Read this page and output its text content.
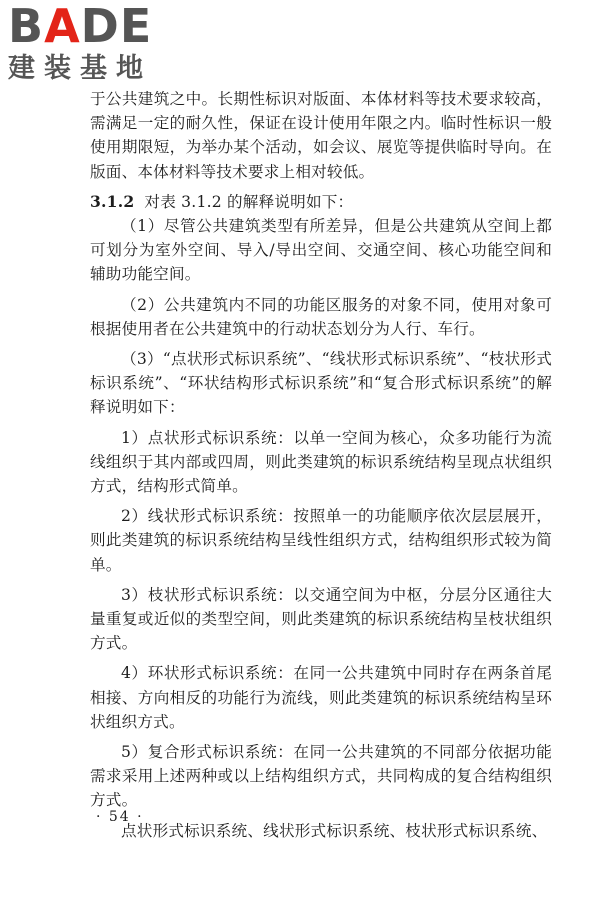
BADE
建装基地

于公共建筑之中。长期性标识对版面、本体材料等技术要求较高，需满足一定的耐久性，保证在设计使用年限之内。临时性标识一般使用期限短，为举办某个活动，如会议、展览等提供临时导向。在版面、本体材料等技术要求上相对较低。

3.1.2 对表 3.1.2 的解释说明如下：

（1）尽管公共建筑类型有所差异，但是公共建筑从空间上都可划分为室外空间、导入/导出空间、交通空间、核心功能空间和辅助功能空间。

（2）公共建筑内不同的功能区服务的对象不同，使用对象可根据使用者在公共建筑中的行动状态划分为人行、车行。

（3）“点状形式标识系统”、“线状形式标识系统”、“枝状形式标识系统”、“环状结构形式标识系统”和“复合形式标识系统”的解释说明如下：

1）点状形式标识系统：以单一空间为核心，众多功能行为流线组织于其内部或四周，则此类建筑的标识系统结构呈现点状组织方式，结构形式简单。

2）线状形式标识系统：按照单一的功能顺序依次层层展开，则此类建筑的标识系统结构呈线性组织方式，结构组织形式较为简单。

3）枝状形式标识系统：以交通空间为中枢，分层分区通往大量重复或近似的类型空间，则此类建筑的标识系统结构呈枝状组织方式。

4）环状形式标识系统：在同一公共建筑中同时存在两条首尾相接、方向相反的功能行为流线，则此类建筑的标识系统结构呈环状组织方式。

5）复合形式标识系统：在同一公共建筑的不同部分依据功能需求采用上述两种或以上结构组织方式，共同构成的复合结构组织方式。

点状形式标识系统、线状形式标识系统、枝状形式标识系统、

· 54 ·
